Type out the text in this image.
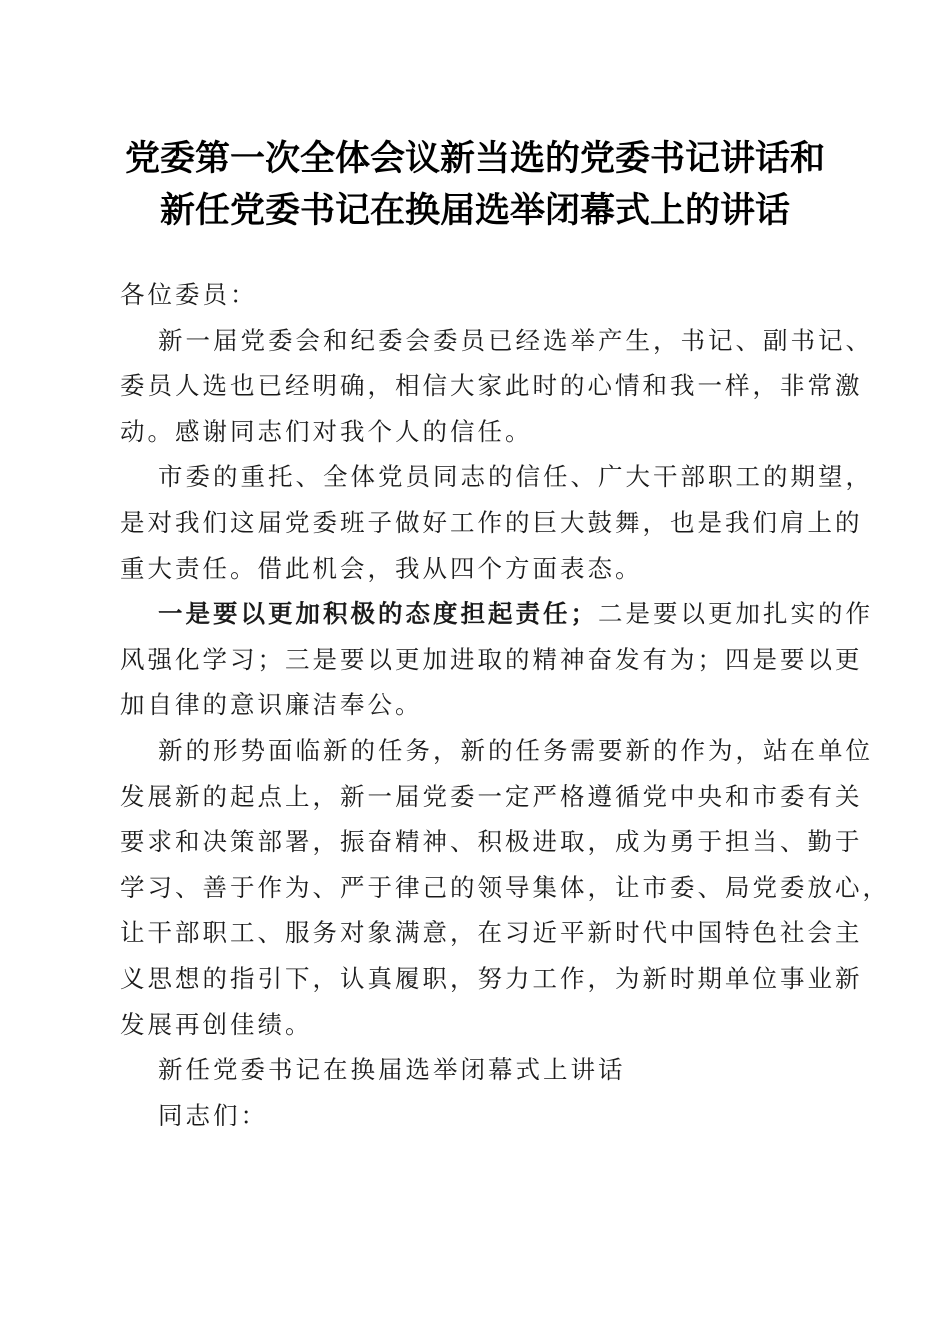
党委第一次全体会议新当选的党委书记讲话和
新任党委书记在换届选举闭幕式上的讲话
各位委员：
新一届党委会和纪委会委员已经选举产生，书记、副书记、
委员人选也已经明确，相信大家此时的心情和我一样，非常激
动。感谢同志们对我个人的信任。
市委的重托、全体党员同志的信任、广大干部职工的期望，
是对我们这届党委班子做好工作的巨大鼓舞，也是我们肩上的
重大责任。借此机会，我从四个方面表态。
一是要以更加积极的态度担起责任；二是要以更加扎实的作
风强化学习；三是要以更加进取的精神奋发有为；四是要以更
加自律的意识廉洁奉公。
新的形势面临新的任务，新的任务需要新的作为，站在单位
发展新的起点上，新一届党委一定严格遵循党中央和市委有关
要求和决策部署，振奋精神、积极进取，成为勇于担当、勤于
学习、善于作为、严于律己的领导集体，让市委、局党委放心，
让干部职工、服务对象满意，在习近平新时代中国特色社会主
义思想的指引下，认真履职，努力工作，为新时期单位事业新
发展再创佳绩。
新任党委书记在换届选举闭幕式上讲话
同志们：
